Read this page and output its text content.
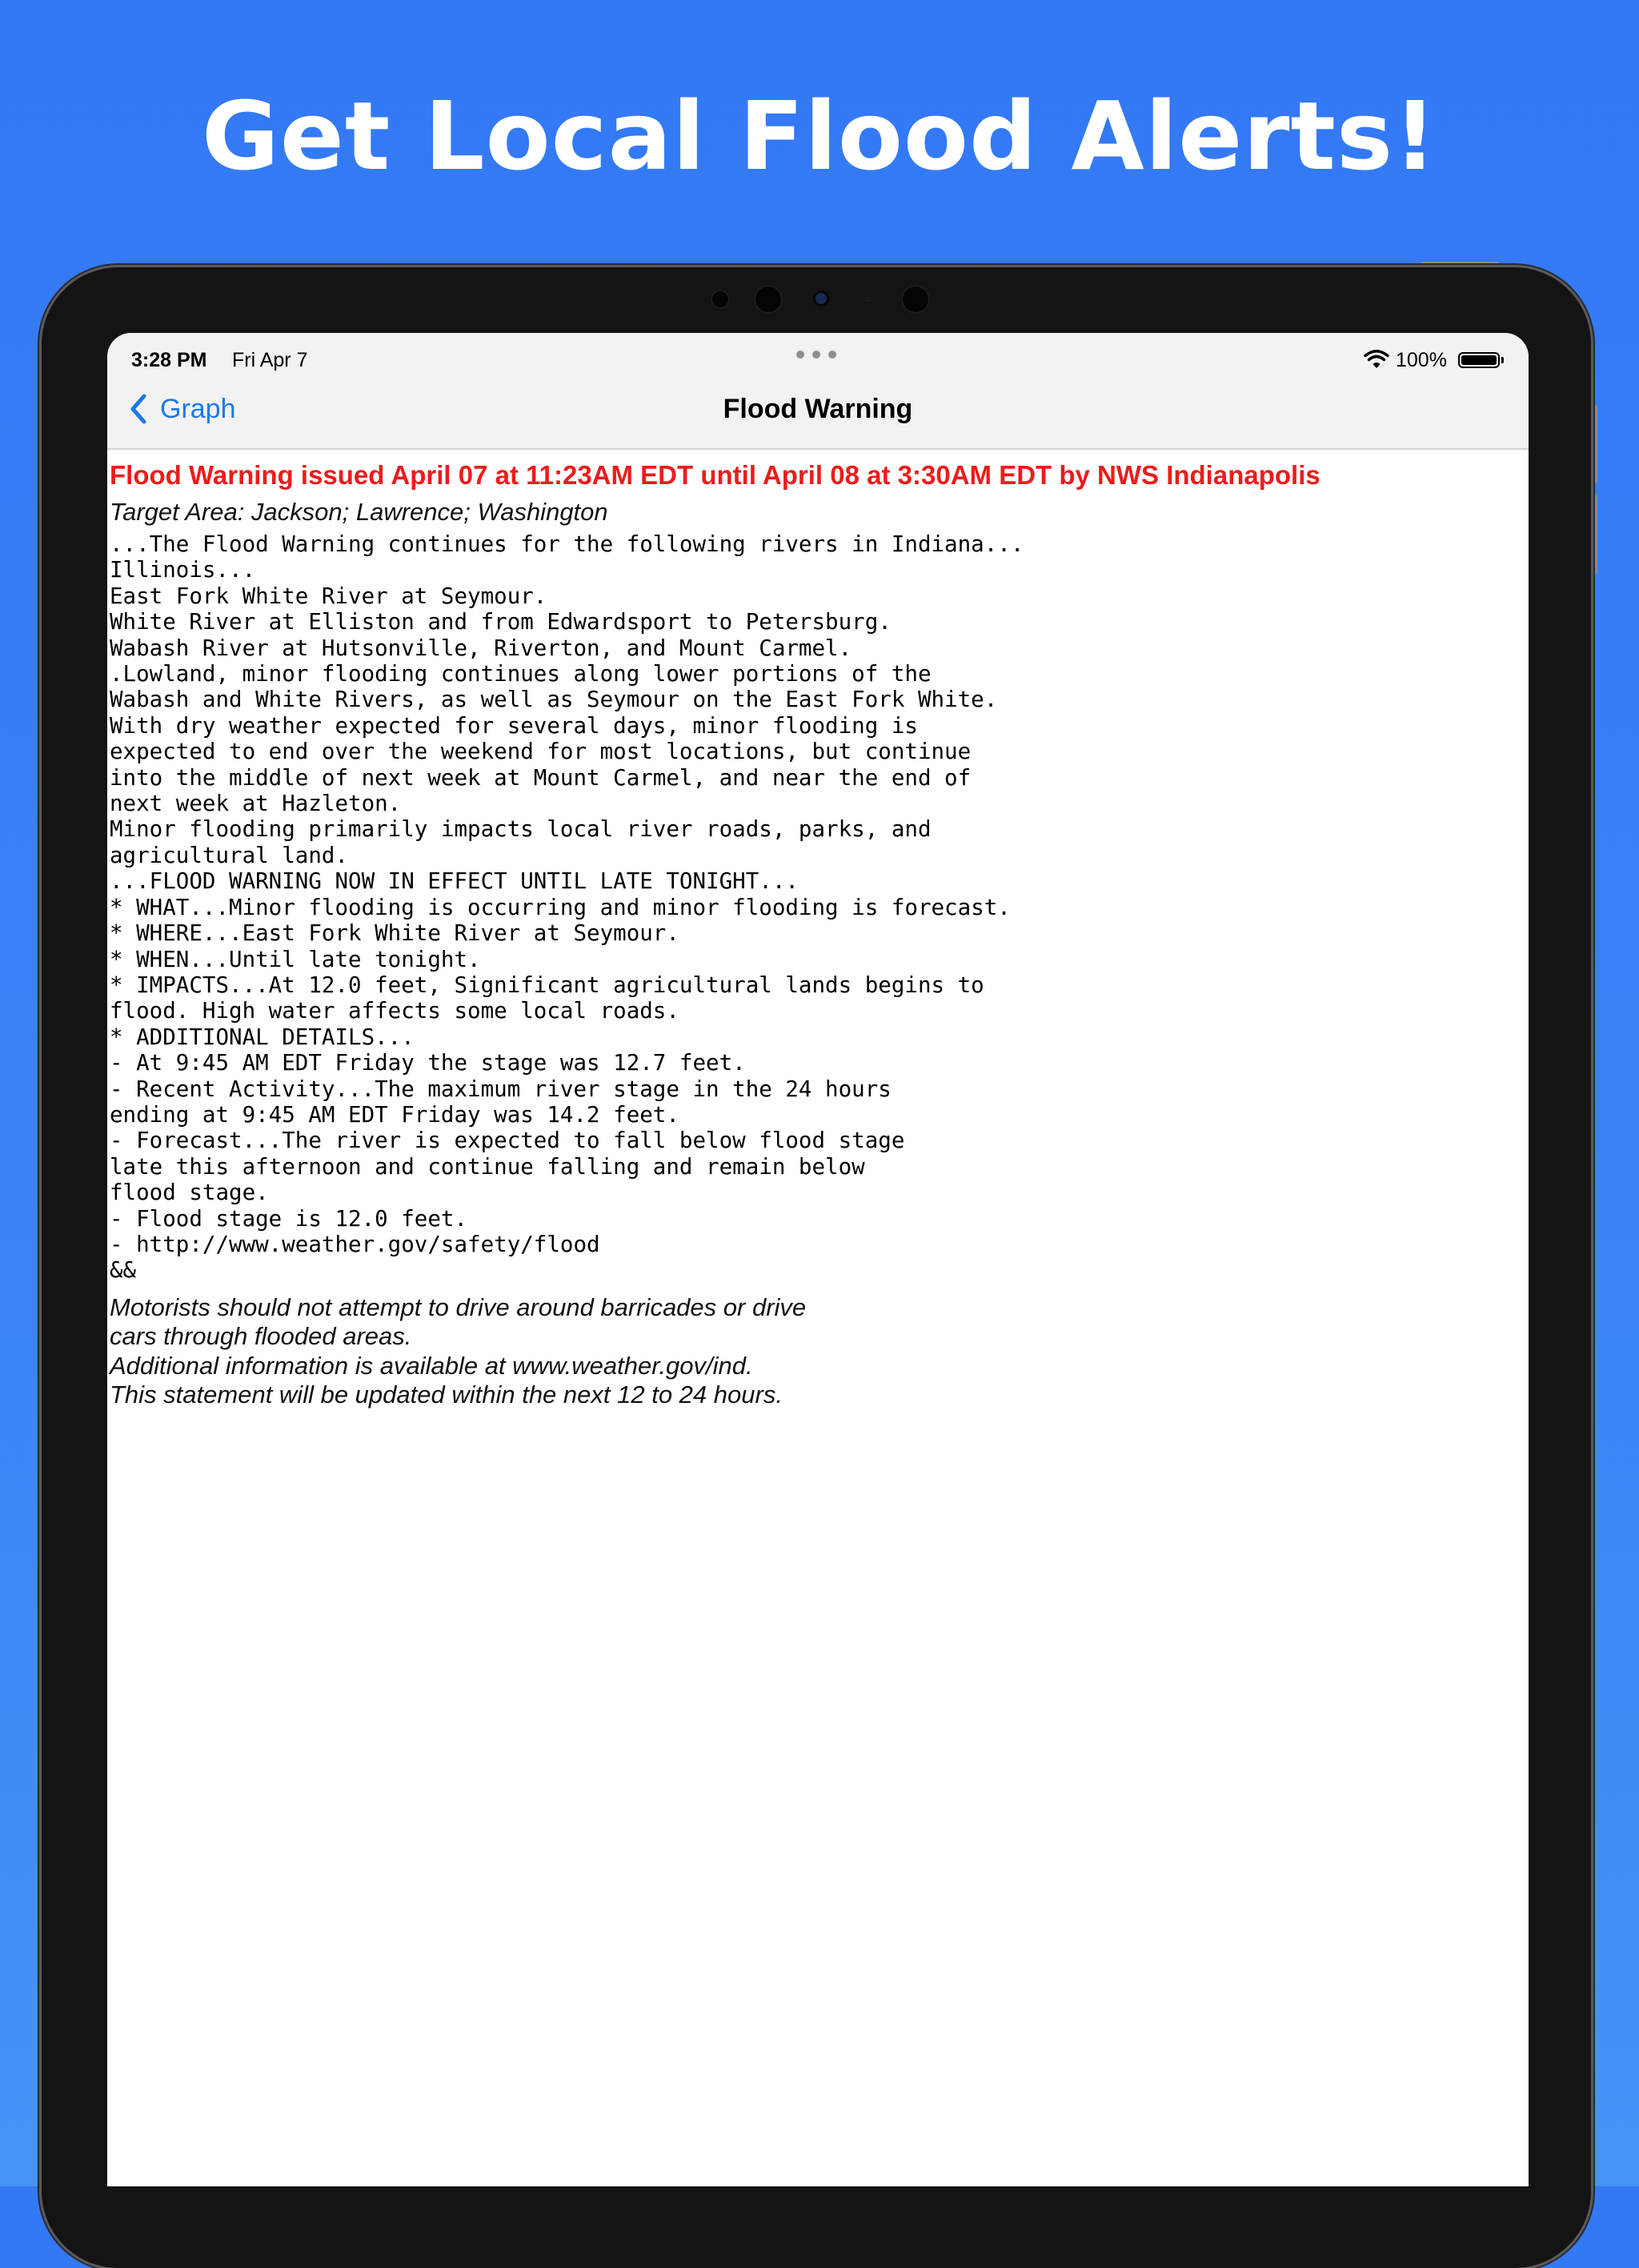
Get Local Flood Alerts!
3:28 PM Fri Apr 7	100%
Graph	Flood Warning

Flood Warning issued April 07 at 11:23AM EDT until April 08 at 3:30AM EDT by NWS Indianapolis

Target Area: Jackson; Lawrence; Washington

...The Flood Warning continues for the following rivers in Indiana...
Illinois...
East Fork White River at Seymour.
White River at Elliston and from Edwardsport to Petersburg.
Wabash River at Hutsonville, Riverton, and Mount Carmel.
.Lowland, minor flooding continues along lower portions of the
Wabash and White Rivers, as well as Seymour on the East Fork White.
With dry weather expected for several days, minor flooding is
expected to end over the weekend for most locations, but continue
into the middle of next week at Mount Carmel, and near the end of
next week at Hazleton.
Minor flooding primarily impacts local river roads, parks, and
agricultural land.
...FLOOD WARNING NOW IN EFFECT UNTIL LATE TONIGHT...
* WHAT...Minor flooding is occurring and minor flooding is forecast.
* WHERE...East Fork White River at Seymour.
* WHEN...Until late tonight.
* IMPACTS...At 12.0 feet, Significant agricultural lands begins to
flood. High water affects some local roads.
* ADDITIONAL DETAILS...
- At 9:45 AM EDT Friday the stage was 12.7 feet.
- Recent Activity...The maximum river stage in the 24 hours
ending at 9:45 AM EDT Friday was 14.2 feet.
- Forecast...The river is expected to fall below flood stage
late this afternoon and continue falling and remain below
flood stage.
- Flood stage is 12.0 feet.
- http://www.weather.gov/safety/flood
&&
Motorists should not attempt to drive around barricades or drive
cars through flooded areas.
Additional information is available at www.weather.gov/ind.
This statement will be updated within the next 12 to 24 hours.
